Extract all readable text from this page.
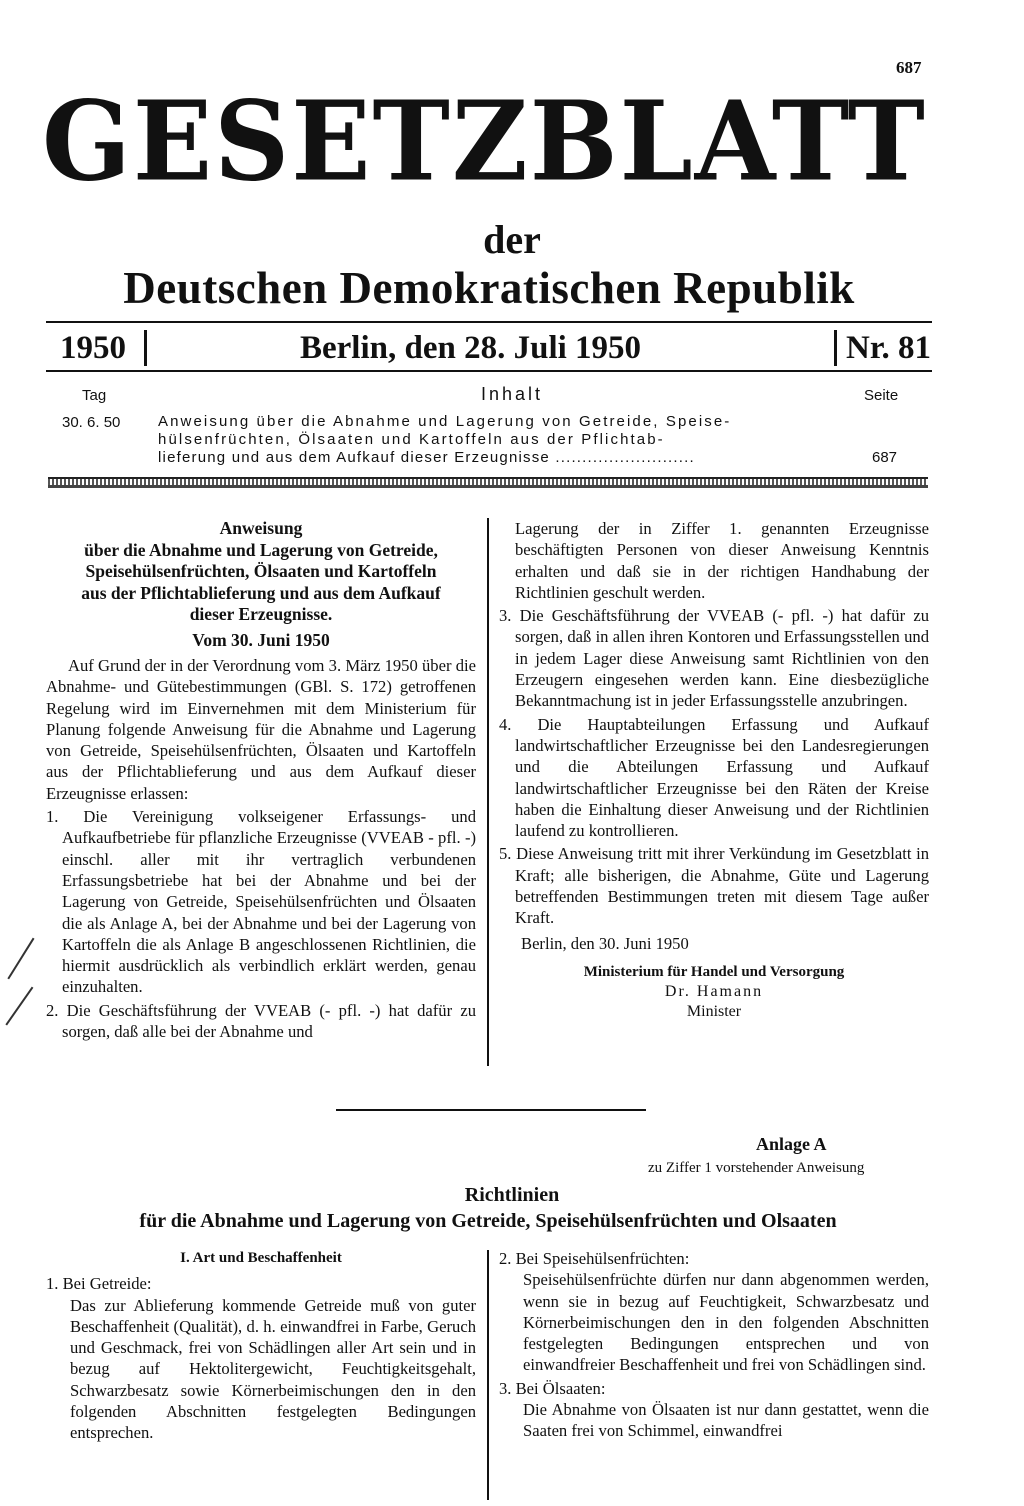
687
GESETZBLATT
der
Deutschen Demokratischen Republik
1950	Berlin, den 28. Juli 1950	Nr. 81
Tag	Inhalt	Seite
30. 6. 50	Anweisung über die Abnahme und Lagerung von Getreide, Speise-
hülsenfrüchten, Ölsaaten und Kartoffeln aus der Pflichtab-
lieferung und aus dem Aufkauf dieser Erzeugnisse ..........................	687
Anweisung
über die Abnahme und Lagerung von Getreide,
Speisehülsenfrüchten, Ölsaaten und Kartoffeln
aus der Pflichtablieferung und aus dem Aufkauf
dieser Erzeugnisse.
Vom 30. Juni 1950

Auf Grund der in der Verordnung vom 3. März 1950 über die Abnahme- und Gütebestimmungen (GBl. S. 172) getroffenen Regelung wird im Einvernehmen mit dem Ministerium für Planung folgende Anweisung für die Abnahme und Lagerung von Getreide, Speisehülsenfrüchten, Ölsaaten und Kartoffeln aus der Pflichtablieferung und aus dem Aufkauf dieser Erzeugnisse erlassen:

1. Die Vereinigung volkseigener Erfassungs- und Aufkaufbetriebe für pflanzliche Erzeugnisse (VVEAB - pfl. -) einschl. aller mit ihr vertraglich verbundenen Erfassungsbetriebe hat bei der Abnahme und bei der Lagerung von Getreide, Speisehülsenfrüchten und Ölsaaten die als Anlage A, bei der Abnahme und bei der Lagerung von Kartoffeln die als Anlage B angeschlossenen Richtlinien, die hiermit ausdrücklich als verbindlich erklärt werden, genau einzuhalten.

2. Die Geschäftsführung der VVEAB (- pfl. -) hat dafür zu sorgen, daß alle bei der Abnahme und

Lagerung der in Ziffer 1. genannten Erzeugnisse beschäftigten Personen von dieser Anweisung Kenntnis erhalten und daß sie in der richtigen Handhabung der Richtlinien geschult werden.

3. Die Geschäftsführung der VVEAB (- pfl. -) hat dafür zu sorgen, daß in allen ihren Kontoren und Erfassungsstellen und in jedem Lager diese Anweisung samt Richtlinien von den Erzeugern eingesehen werden kann. Eine diesbezügliche Bekanntmachung ist in jeder Erfassungsstelle anzubringen.

4. Die Hauptabteilungen Erfassung und Aufkauf landwirtschaftlicher Erzeugnisse bei den Landesregierungen und die Abteilungen Erfassung und Aufkauf landwirtschaftlicher Erzeugnisse bei den Räten der Kreise haben die Einhaltung dieser Anweisung und der Richtlinien laufend zu kontrollieren.

5. Diese Anweisung tritt mit ihrer Verkündung im Gesetzblatt in Kraft; alle bisherigen, die Abnahme, Güte und Lagerung betreffenden Bestimmungen treten mit diesem Tage außer Kraft.

Berlin, den 30. Juni 1950

Ministerium für Handel und Versorgung
Dr. Hamann
Minister
Anlage A
zu Ziffer 1 vorstehender Anweisung
Richtlinien
für die Abnahme und Lagerung von Getreide, Speisehülsenfrüchten und Olsaaten
I. Art und Beschaffenheit

1. Bei Getreide:

Das zur Ablieferung kommende Getreide muß von guter Beschaffenheit (Qualität), d. h. einwandfrei in Farbe, Geruch und Geschmack, frei von Schädlingen aller Art sein und in bezug auf Hektolitergewicht, Feuchtigkeitsgehalt, Schwarzbesatz sowie Körnerbeimischungen den in den folgenden Abschnitten festgelegten Bedingungen entsprechen.

2. Bei Speisehülsenfrüchten:

Speisehülsenfrüchte dürfen nur dann abgenommen werden, wenn sie in bezug auf Feuchtigkeit, Schwarzbesatz und Körnerbeimischungen den in den folgenden Abschnitten festgelegten Bedingungen entsprechen und von einwandfreier Beschaffenheit und frei von Schädlingen sind.

3. Bei Ölsaaten:

Die Abnahme von Ölsaaten ist nur dann gestattet, wenn die Saaten frei von Schimmel, einwandfrei
